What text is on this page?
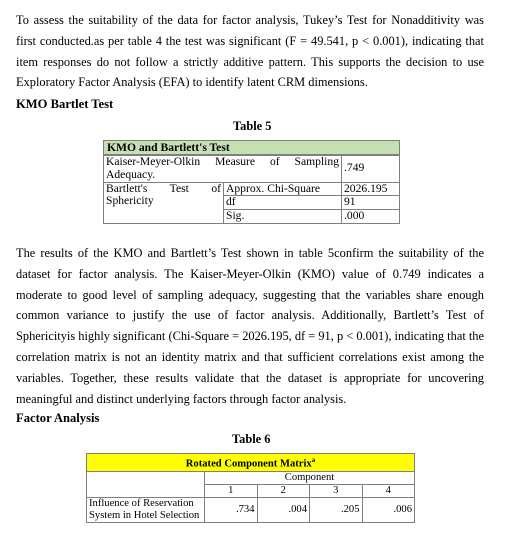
To assess the suitability of the data for factor analysis, Tukey’s Test for Nonadditivity was first conducted.as per table 4 the test was significant (F = 49.541, p < 0.001), indicating that item responses do not follow a strictly additive pattern. This supports the decision to use Exploratory Factor Analysis (EFA) to identify latent CRM dimensions.

KMO Bartlet Test

Table 5

KMO and Bartlett's Test
Kaiser-Meyer-Olkin Measure of Sampling Adequacy.		.749
Bartlett's Test of Sphericity	Approx. Chi-Square	2026.195
	df	91
	Sig.	.000

The results of the KMO and Bartlett’s Test shown in table 5confirm the suitability of the dataset for factor analysis. The Kaiser-Meyer-Olkin (KMO) value of 0.749 indicates a moderate to good level of sampling adequacy, suggesting that the variables share enough common variance to justify the use of factor analysis. Additionally, Bartlett’s Test of Sphericityis highly significant (Chi-Square = 2026.195, df = 91, p < 0.001), indicating that the correlation matrix is not an identity matrix and that sufficient correlations exist among the variables. Together, these results validate that the dataset is appropriate for uncovering meaningful and distinct underlying factors through factor analysis.

Factor Analysis

Table 6

Rotated Component Matrix$^a$
	Component			
	1	2	3	4
Influence of Reservation System in Hotel Selection	.734	.004	.205	.006
